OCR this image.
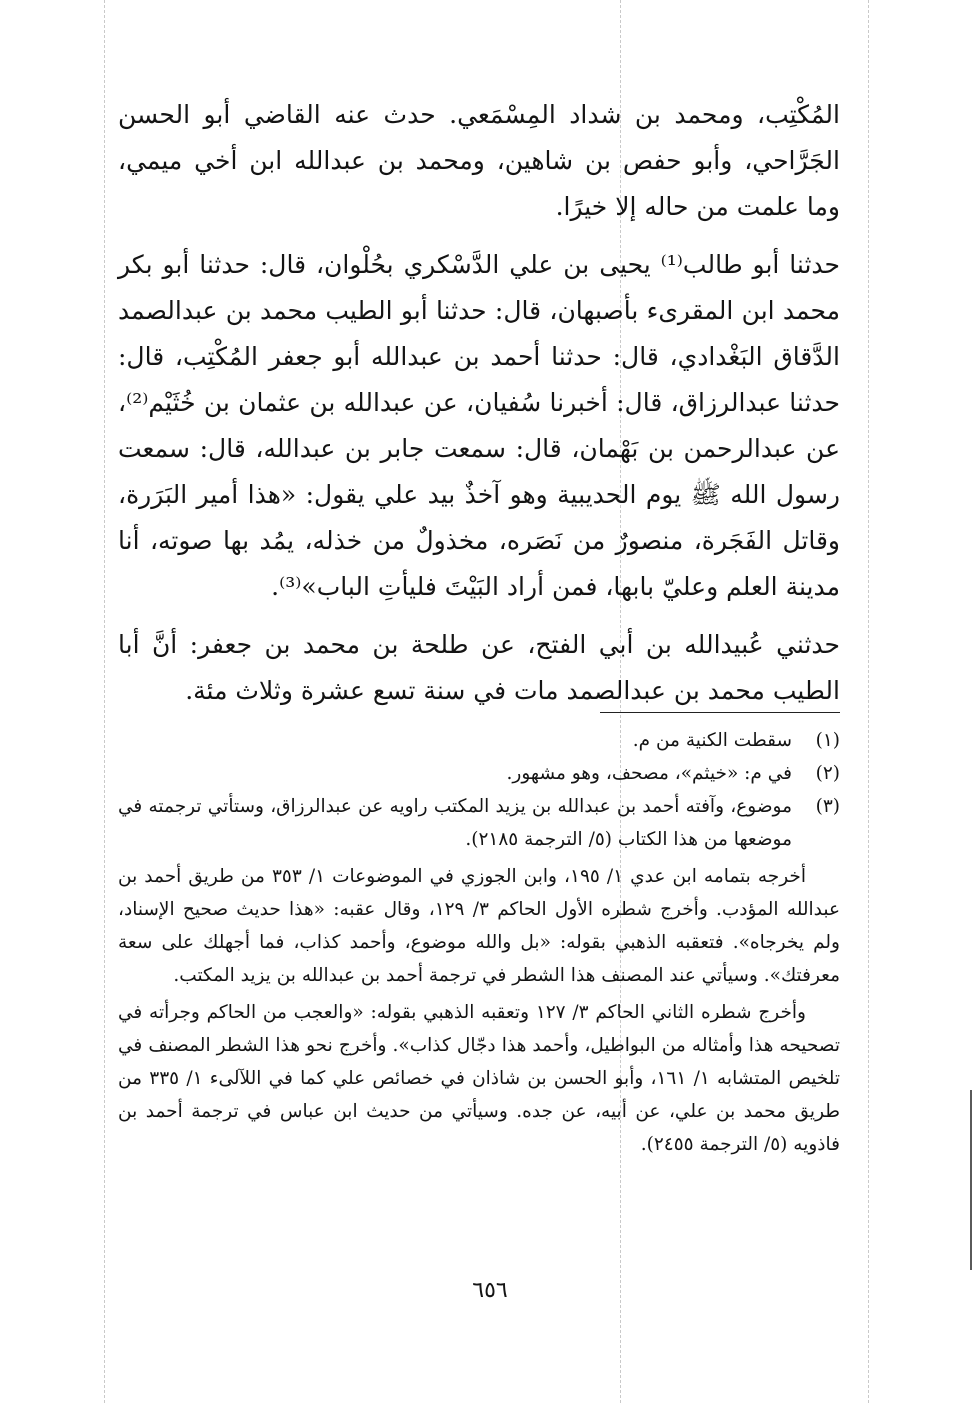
المُكْتِب، ومحمد بن شداد المِسْمَعي. حدث عنه القاضي أبو الحسن الجَرَّاحي، وأبو حفص بن شاهين، ومحمد بن عبدالله ابن أخي ميمي، وما علمت من حاله إلا خيرًا.

حدثنا أبو طالب⁽¹⁾ يحيى بن علي الدَّسْكري بحُلْوان، قال: حدثنا أبو بكر محمد ابن المقرىء بأصبهان، قال: حدثنا أبو الطيب محمد بن عبدالصمد الدَّقاق البَغْدادي، قال: حدثنا أحمد بن عبدالله أبو جعفر المُكْتِب، قال: حدثنا عبدالرزاق، قال: أخبرنا سُفيان، عن عبدالله بن عثمان بن خُثَيْم⁽²⁾، عن عبدالرحمن بن بَهْمان، قال: سمعت جابر بن عبدالله، قال: سمعت رسول الله ﷺ يوم الحديبية وهو آخذٌ بيد علي يقول: «هذا أمير البَرَرة، وقاتل الفَجَرة، منصورٌ من نَصَره، مخذولٌ من خذله، يمُد بها صوته، أنا مدينة العلم وعليّ بابها، فمن أراد البَيْتَ فليأتِ الباب»⁽³⁾.

حدثني عُبيدالله بن أبي الفتح، عن طلحة بن محمد بن جعفر: أنَّ أبا الطيب محمد بن عبدالصمد مات في سنة تسع عشرة وثلاث مئة.

(١)

سقطت الكنية من م.

(٢)

في م: «خيثم»، مصحف، وهو مشهور.

(٣)

موضوع، وآفته أحمد بن عبدالله بن يزيد المكتب راويه عن عبدالرزاق، وستأتي ترجمته في موضعها من هذا الكتاب (٥/ الترجمة ٢١٨٥).

أخرجه بتمامه ابن عدي ١/ ١٩٥، وابن الجوزي في الموضوعات ١/ ٣٥٣ من طريق أحمد بن عبدالله المؤدب. وأخرج شطره الأول الحاكم ٣/ ١٢٩، وقال عقبه: «هذا حديث صحيح الإسناد، ولم يخرجاه». فتعقبه الذهبي بقوله: «بل والله موضوع، وأحمد كذاب، فما أجهلك على سعة معرفتك». وسيأتي عند المصنف هذا الشطر في ترجمة أحمد بن عبدالله بن يزيد المكتب.

وأخرج شطره الثاني الحاكم ٣/ ١٢٧ وتعقبه الذهبي بقوله: «والعجب من الحاكم وجرأته في تصحيحه هذا وأمثاله من البواطيل، وأحمد هذا دجّال كذاب». وأخرج نحو هذا الشطر المصنف في تلخيص المتشابه ١/ ١٦١، وأبو الحسن بن شاذان في خصائص علي كما في اللآلىء ١/ ٣٣٥ من طريق محمد بن علي، عن أبيه، عن جده. وسيأتي من حديث ابن عباس في ترجمة أحمد بن فاذويه (٥/ الترجمة ٢٤٥٥).

٦٥٦
